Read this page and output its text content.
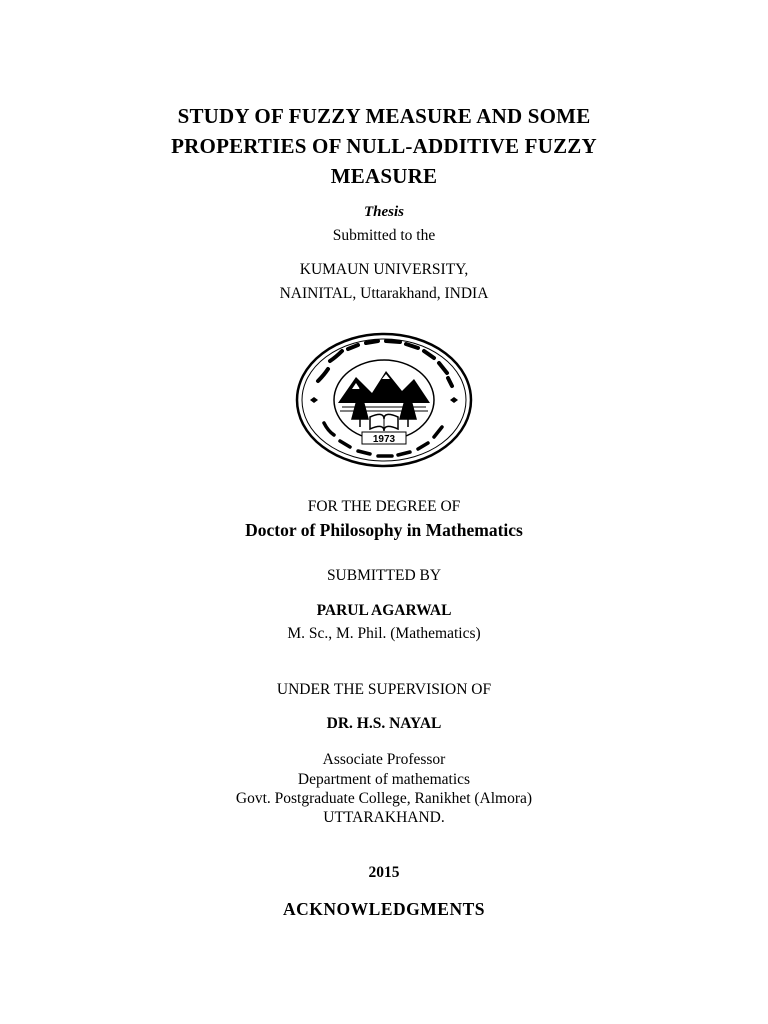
STUDY OF FUZZY MEASURE AND SOME
PROPERTIES OF NULL-ADDITIVE FUZZY
MEASURE
Thesis
Submitted to the
KUMAUN UNIVERSITY,
NAINITAL, Uttarakhand, INDIA
1973
FOR THE DEGREE OF
Doctor of Philosophy in Mathematics
SUBMITTED BY
PARUL AGARWAL
M. Sc., M. Phil. (Mathematics)
UNDER THE SUPERVISION OF
DR. H.S. NAYAL
Associate Professor
Department of mathematics
Govt. Postgraduate College, Ranikhet (Almora)
UTTARAKHAND.
2015
ACKNOWLEDGMENTS
